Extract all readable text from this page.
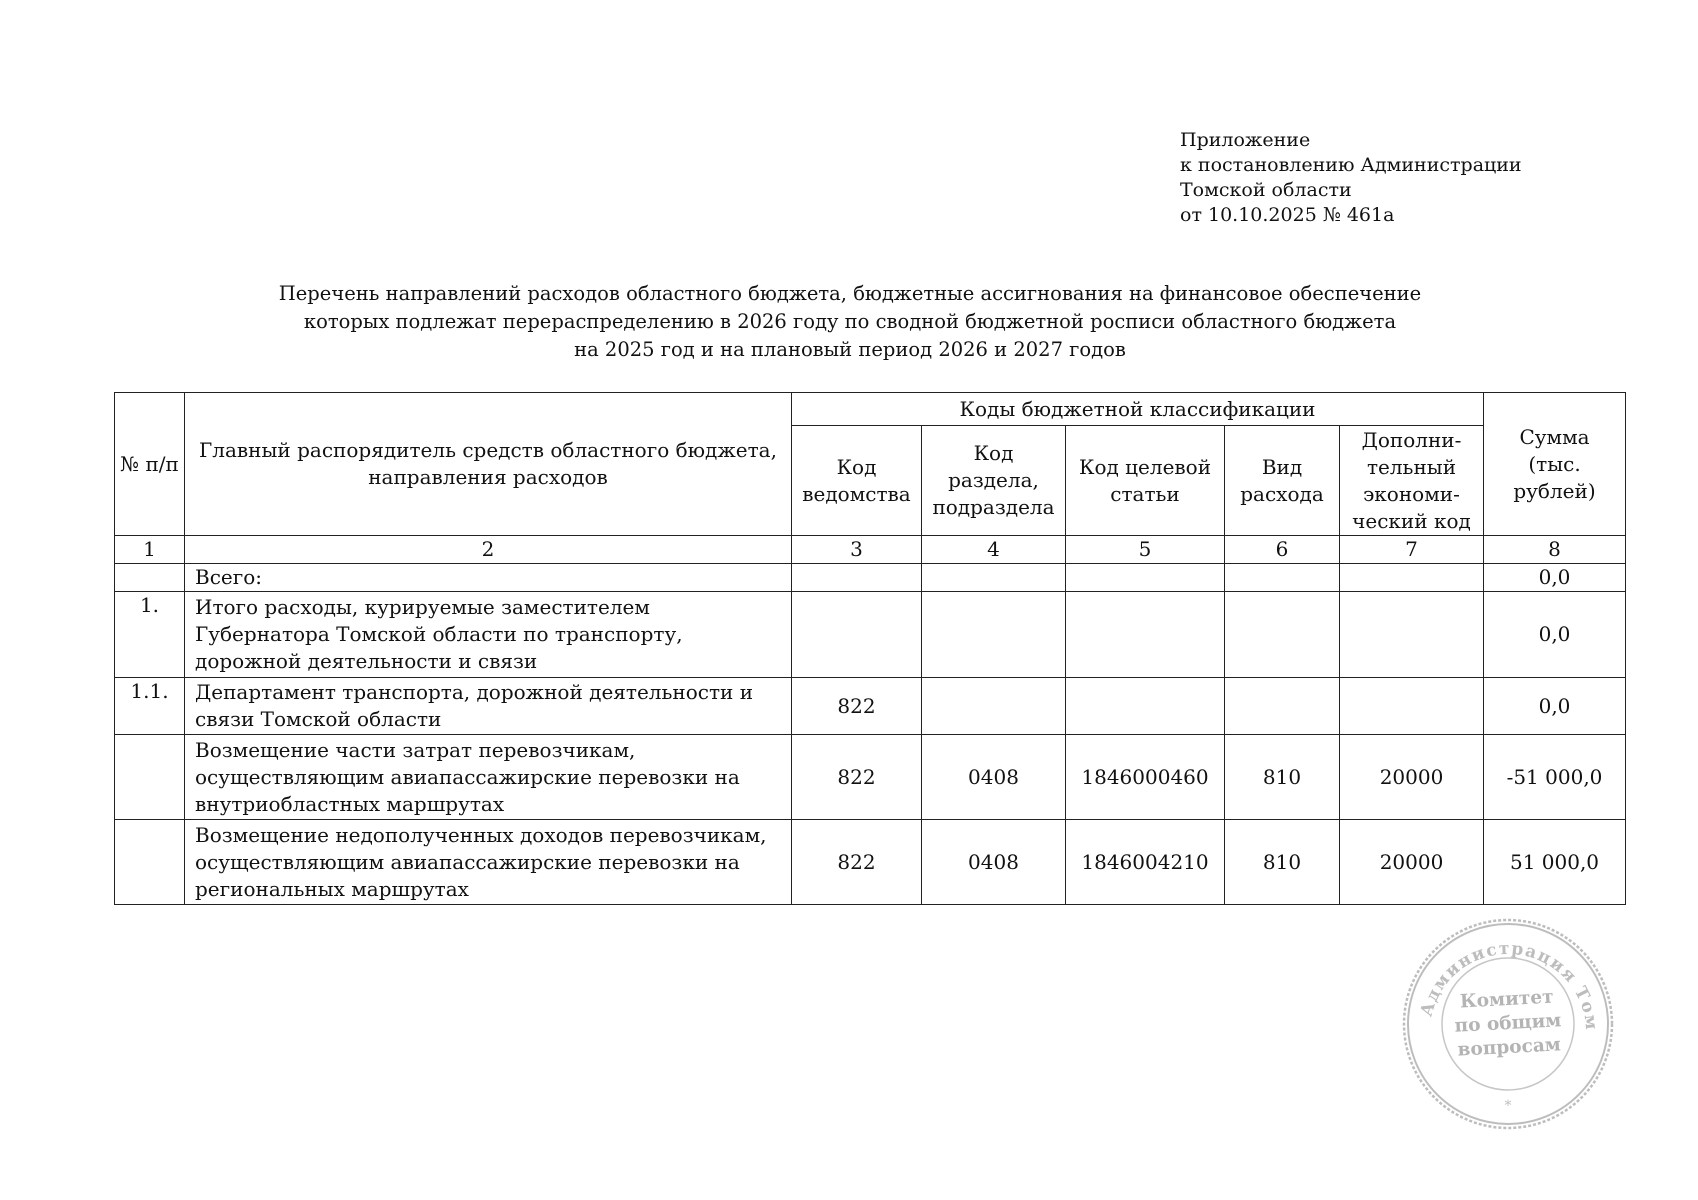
Приложение
к постановлению Администрации
Томской области
от 10.10.2025 № 461а
Перечень направлений расходов областного бюджета, бюджетные ассигнования на финансовое обеспечение
которых подлежат перераспределению в 2026 году по сводной бюджетной росписи областного бюджета
на 2025 год и на плановый период 2026 и 2027 годов
№ п/п	Главный распорядитель средств областного бюджета, направления расходов	Коды бюджетной классификации					Сумма (тыс. рублей)
		Код ведомства	Код раздела, подраздела	Код целевой статьи	Вид расхода	Дополни-тельный экономи-ческий код	
1	2	3	4	5	6	7	8
	Всего:						0,0
1.	Итого расходы, курируемые заместителем Губернатора Томской области по транспорту, дорожной деятельности и связи						0,0
1.1.	Департамент транспорта, дорожной деятельности и связи Томской области	822					0,0
	Возмещение части затрат перевозчикам, осуществляющим авиапассажирские перевозки на внутриобластных маршрутах	822	0408	1846000460	810	20000	-51 000,0
	Возмещение недополученных доходов перевозчикам, осуществляющим авиапассажирские перевозки на региональных маршрутах	822	0408	1846004210	810	20000	51 000,0
Администрация Том
*
Комитет
по общим
вопросам
